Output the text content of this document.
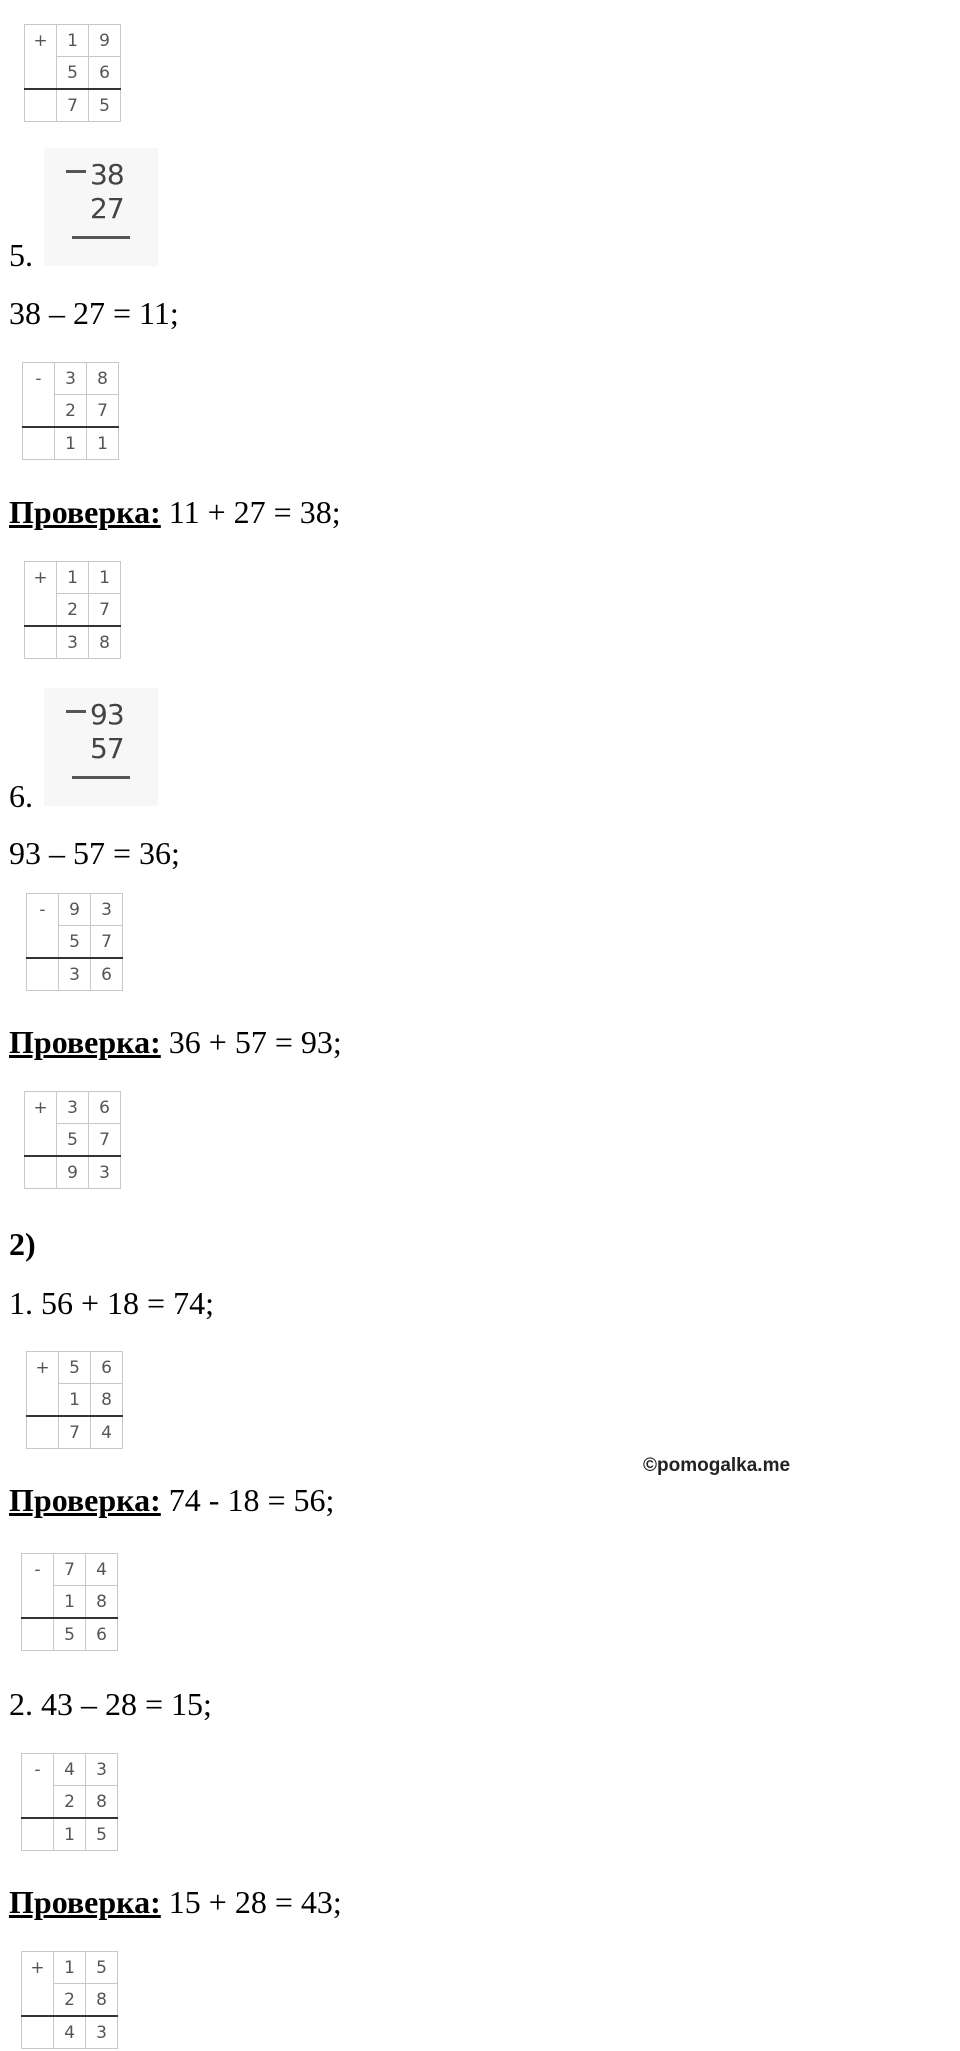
+	1	9
	5	6
	7	5
5.
38
27
38 – 27 = 11;
-	3	8
	2	7
	1	1
Проверка: 11 + 27 = 38;
+	1	1
	2	7
	3	8
6.
93
57
93 – 57 = 36;
-	9	3
	5	7
	3	6
Проверка: 36 + 57 = 93;
+	3	6
	5	7
	9	3
2)
1. 56 + 18 = 74;
+	5	6
	1	8
	7	4
©pomogalka.me
Проверка: 74 - 18 = 56;
-	7	4
	1	8
	5	6
2. 43 – 28 = 15;
-	4	3
	2	8
	1	5
Проверка: 15 + 28 = 43;
+	1	5
	2	8
	4	3
